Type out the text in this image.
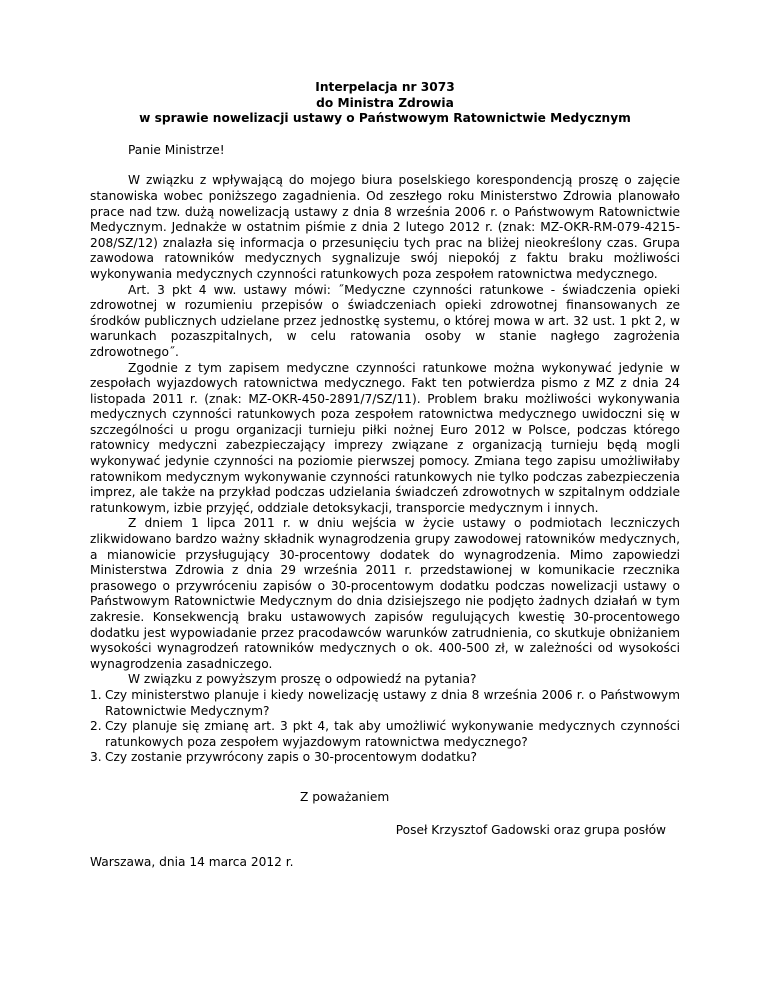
Interpelacja nr 3073
do Ministra Zdrowia
w sprawie nowelizacji ustawy o Państwowym Ratownictwie Medycznym
Panie Ministrze!

W związku z wpływającą do mojego biura poselskiego korespondencją proszę o zajęcie stanowiska wobec poniższego zagadnienia. Od zeszłego roku Ministerstwo Zdrowia planowało prace nad tzw. dużą nowelizacją ustawy z dnia 8 września 2006 r. o Państwowym Ratownictwie Medycznym. Jednakże w ostatnim piśmie z dnia 2 lutego 2012 r. (znak: MZ-OKR-RM-079-4215-208/SZ/12) znalazła się informacja o przesunięciu tych prac na bliżej nieokreślony czas. Grupa zawodowa ratowników medycznych sygnalizuje swój niepokój z faktu braku możliwości wykonywania medycznych czynności ratunkowych poza zespołem ratownictwa medycznego.

Art. 3 pkt 4 ww. ustawy mówi: ˝Medyczne czynności ratunkowe - świadczenia opieki zdrowotnej w rozumieniu przepisów o świadczeniach opieki zdrowotnej finansowanych ze środków publicznych udzielane przez jednostkę systemu, o której mowa w art. 32 ust. 1 pkt 2, w warunkach pozaszpitalnych, w celu ratowania osoby w stanie nagłego zagrożenia zdrowotnego˝.

Zgodnie z tym zapisem medyczne czynności ratunkowe można wykonywać jedynie w zespołach wyjazdowych ratownictwa medycznego. Fakt ten potwierdza pismo z MZ z dnia 24 listopada 2011 r. (znak: MZ-OKR-450-2891/7/SZ/11). Problem braku możliwości wykonywania medycznych czynności ratunkowych poza zespołem ratownictwa medycznego uwidoczni się w szczególności u progu organizacji turnieju piłki nożnej Euro 2012 w Polsce, podczas którego ratownicy medyczni zabezpieczający imprezy związane z organizacją turnieju będą mogli wykonywać jedynie czynności na poziomie pierwszej pomocy. Zmiana tego zapisu umożliwiłaby ratownikom medycznym wykonywanie czynności ratunkowych nie tylko podczas zabezpieczenia imprez, ale także na przykład podczas udzielania świadczeń zdrowotnych w szpitalnym oddziale ratunkowym, izbie przyjęć, oddziale detoksykacji, transporcie medycznym i innych.

Z dniem 1 lipca 2011 r. w dniu wejścia w życie ustawy o podmiotach leczniczych zlikwidowano bardzo ważny składnik wynagrodzenia grupy zawodowej ratowników medycznych, a mianowicie przysługujący 30-procentowy dodatek do wynagrodzenia. Mimo zapowiedzi Ministerstwa Zdrowia z dnia 29 września 2011 r. przedstawionej w komunikacie rzecznika prasowego o przywróceniu zapisów o 30-procentowym dodatku podczas nowelizacji ustawy o Państwowym Ratownictwie Medycznym do dnia dzisiejszego nie podjęto żadnych działań w tym zakresie. Konsekwencją braku ustawowych zapisów regulujących kwestię 30-procentowego dodatku jest wypowiadanie przez pracodawców warunków zatrudnienia, co skutkuje obniżaniem wysokości wynagrodzeń ratowników medycznych o ok. 400-500 zł, w zależności od wysokości wynagrodzenia zasadniczego.

W związku z powyższym proszę o odpowiedź na pytania?

1. Czy ministerstwo planuje i kiedy nowelizację ustawy z dnia 8 września 2006 r. o Państwowym Ratownictwie Medycznym?
2. Czy planuje się zmianę art. 3 pkt 4, tak aby umożliwić wykonywanie medycznych czynności ratunkowych poza zespołem wyjazdowym ratownictwa medycznego?
3. Czy zostanie przywrócony zapis o 30-procentowym dodatku?
Z poważaniem
Poseł Krzysztof Gadowski oraz grupa posłów
Warszawa, dnia 14 marca 2012 r.
